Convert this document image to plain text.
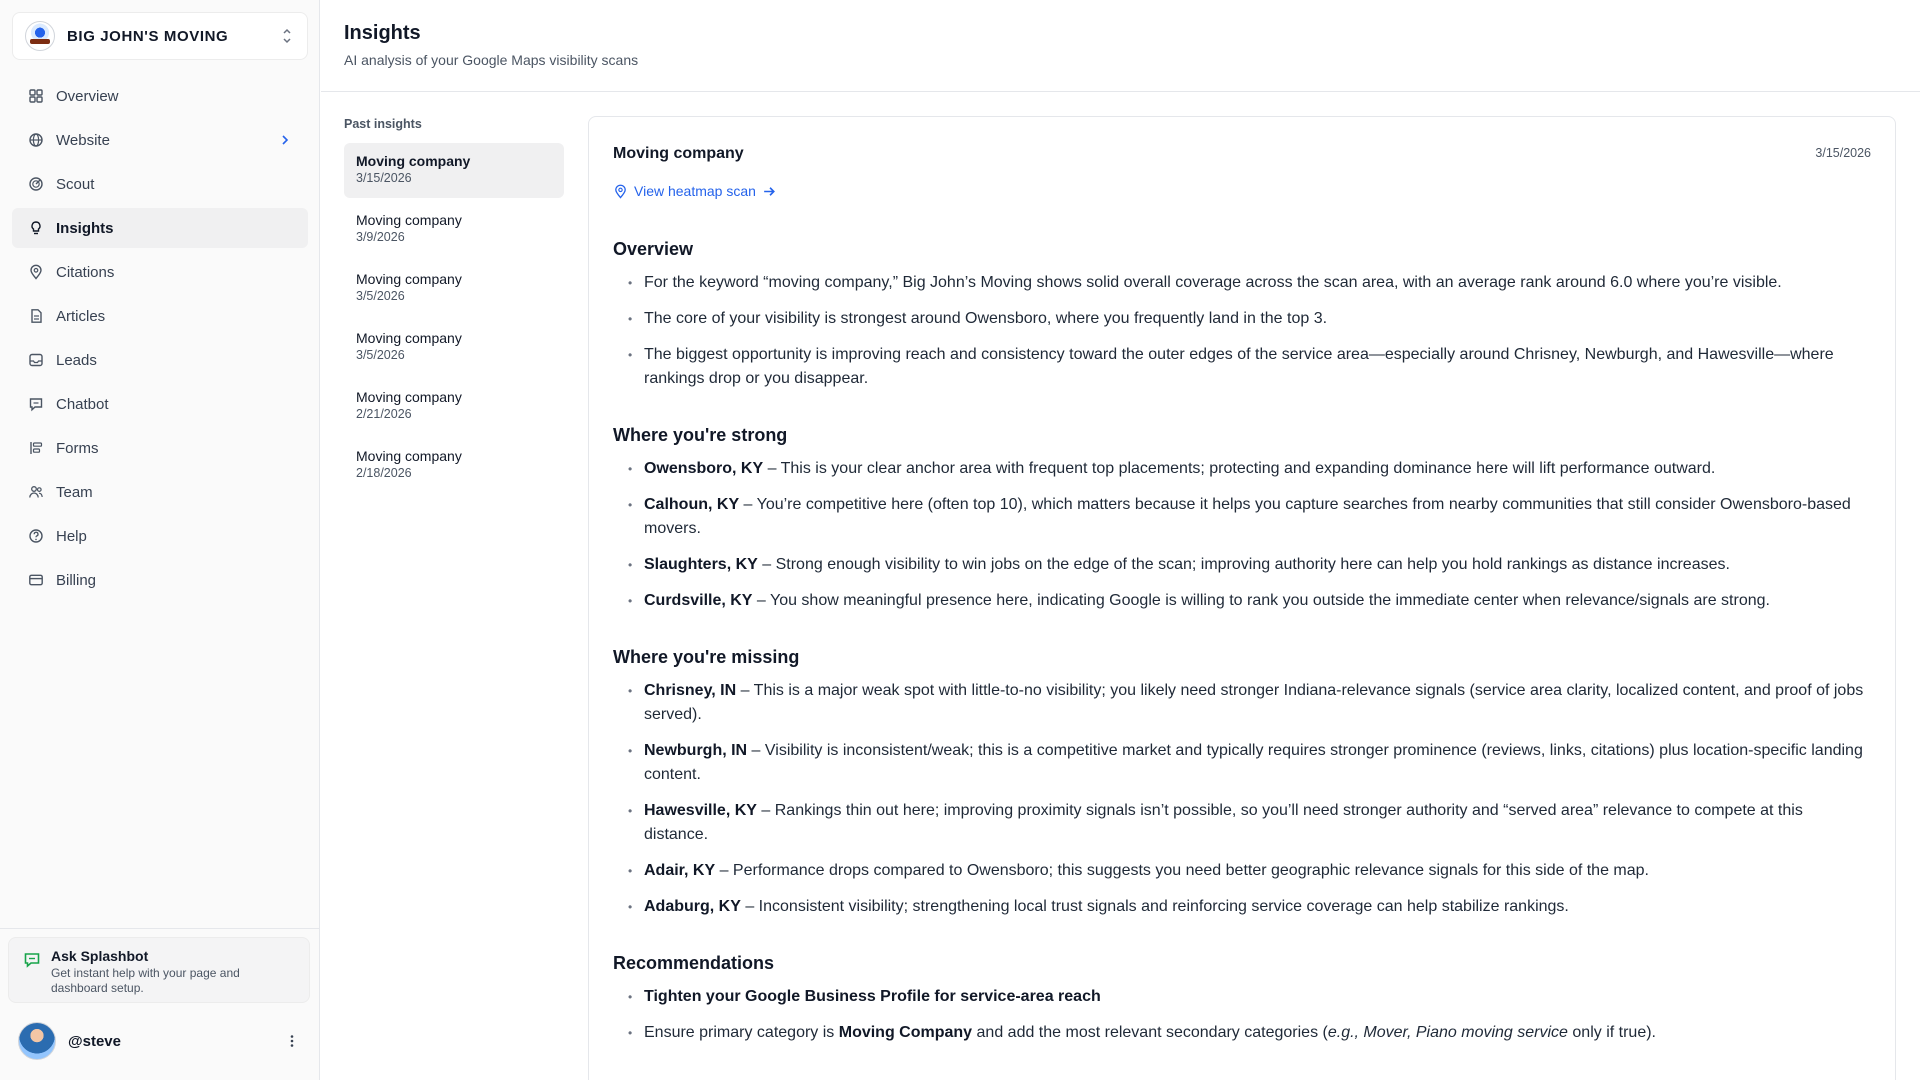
BIG JOHN'S MOVING
Overview
Website
Scout
Insights
Citations
Articles
Leads
Chatbot
Forms
Team
Help
Billing
Ask Splashbot
Get instant help with your page and dashboard setup.
@steve
Insights
AI analysis of your Google Maps visibility scans
Past insights
Moving company
3/15/2026
Moving company
3/9/2026
Moving company
3/5/2026
Moving company
3/5/2026
Moving company
2/21/2026
Moving company
2/18/2026
Moving company	3/15/2026
View heatmap scan
Overview
• For the keyword “moving company,” Big John’s Moving shows solid overall coverage across the scan area, with an average rank around 6.0 where you’re visible.
• The core of your visibility is strongest around Owensboro, where you frequently land in the top 3.
• The biggest opportunity is improving reach and consistency toward the outer edges of the service area—especially around Chrisney, Newburgh, and Hawesville—where rankings drop or you disappear.
Where you're strong
• Owensboro, KY – This is your clear anchor area with frequent top placements; protecting and expanding dominance here will lift performance outward.
• Calhoun, KY – You’re competitive here (often top 10), which matters because it helps you capture searches from nearby communities that still consider Owensboro-based movers.
• Slaughters, KY – Strong enough visibility to win jobs on the edge of the scan; improving authority here can help you hold rankings as distance increases.
• Curdsville, KY – You show meaningful presence here, indicating Google is willing to rank you outside the immediate center when relevance/signals are strong.
Where you're missing
• Chrisney, IN – This is a major weak spot with little-to-no visibility; you likely need stronger Indiana-relevance signals (service area clarity, localized content, and proof of jobs served).
• Newburgh, IN – Visibility is inconsistent/weak; this is a competitive market and typically requires stronger prominence (reviews, links, citations) plus location-specific landing content.
• Hawesville, KY – Rankings thin out here; improving proximity signals isn’t possible, so you’ll need stronger authority and “served area” relevance to compete at this distance.
• Adair, KY – Performance drops compared to Owensboro; this suggests you need better geographic relevance signals for this side of the map.
• Adaburg, KY – Inconsistent visibility; strengthening local trust signals and reinforcing service coverage can help stabilize rankings.
Recommendations
• Tighten your Google Business Profile for service-area reach
• Ensure primary category is Moving Company and add the most relevant secondary categories (e.g., Mover, Piano moving service only if true).
